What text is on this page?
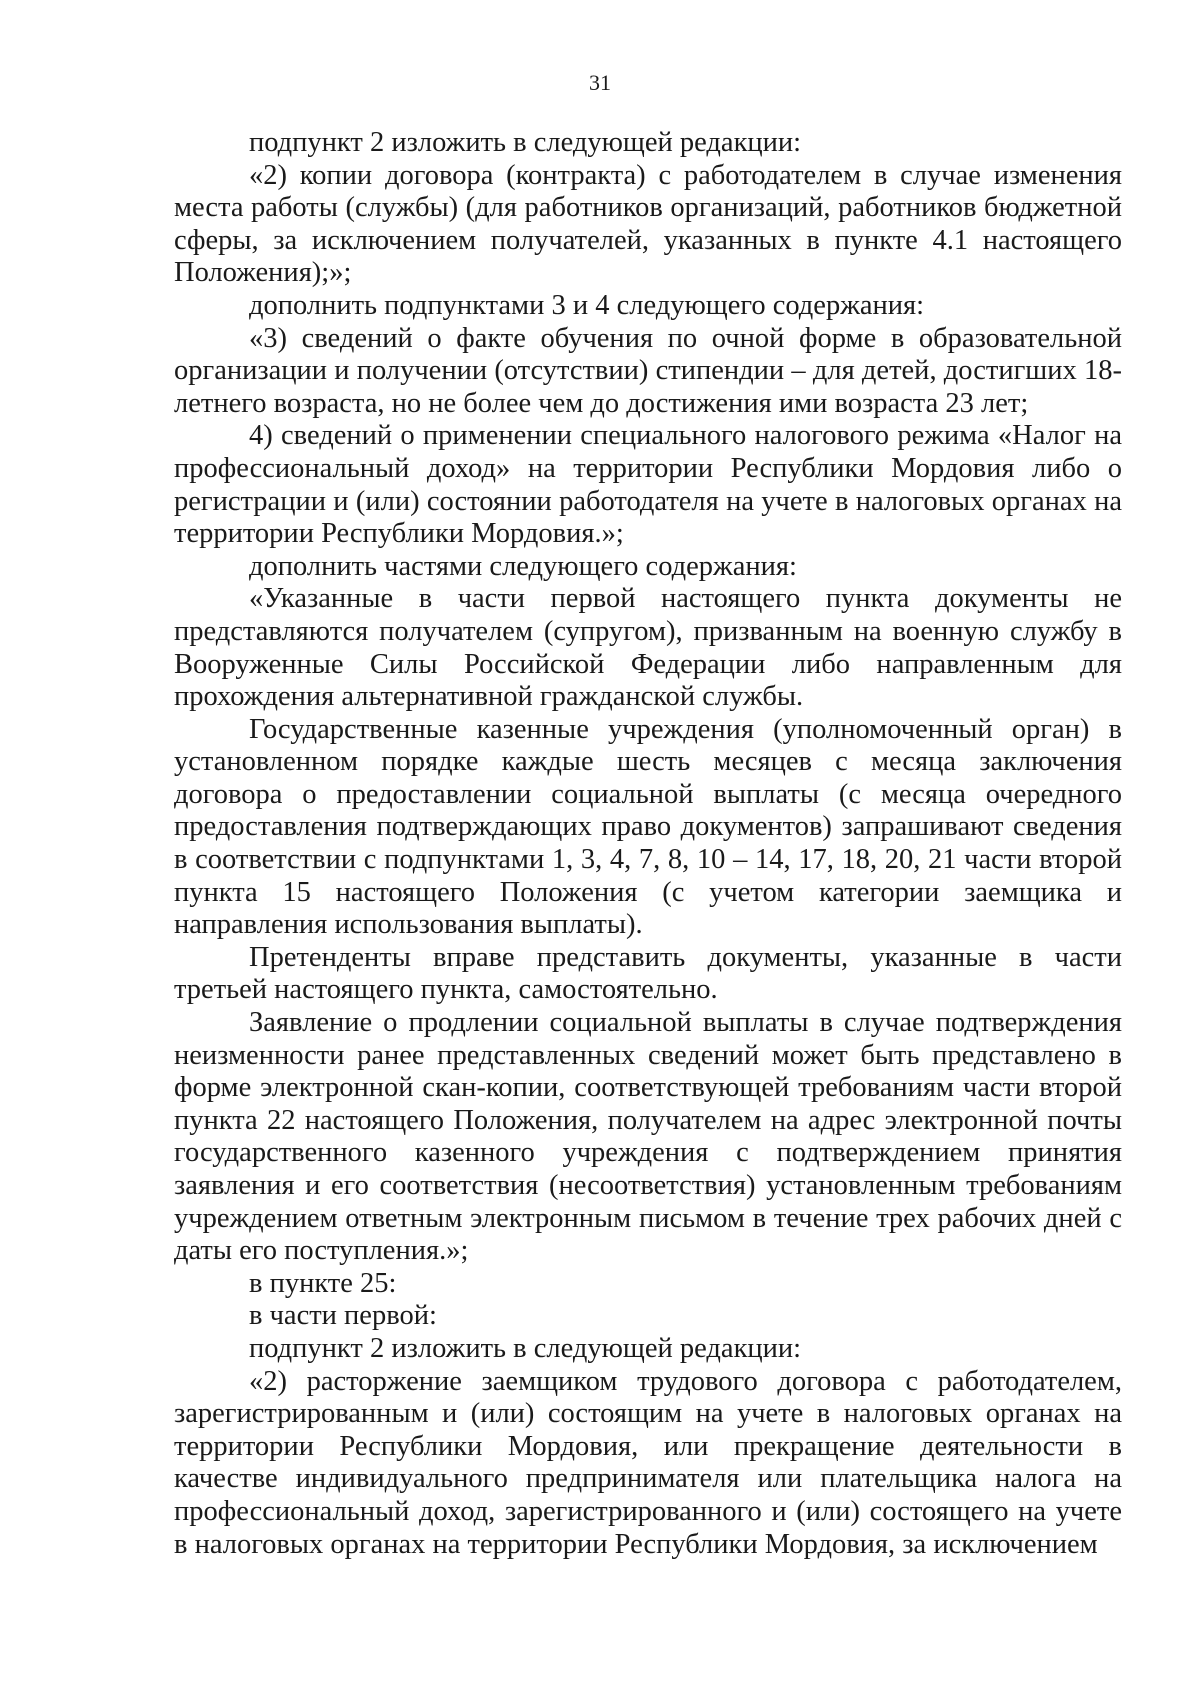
31

подпункт 2 изложить в следующей редакции:

«2) копии договора (контракта) с работодателем в случае изменения места работы (службы) (для работников организаций, работников бюджетной сферы, за исключением получателей, указанных в пункте 4.1 настоящего Положения);»;

дополнить подпунктами 3 и 4 следующего содержания:

«3) сведений о факте обучения по очной форме в образовательной организации и получении (отсутствии) стипендии – для детей, достигших 18-летнего возраста, но не более чем до достижения ими возраста 23 лет;

4) сведений о применении специального налогового режима «Налог на профессиональный доход» на территории Республики Мордовия либо о регистрации и (или) состоянии работодателя на учете в налоговых органах на территории Республики Мордовия.»;

дополнить частями следующего содержания:

«Указанные в части первой настоящего пункта документы не представляются получателем (супругом), призванным на военную службу в Вооруженные Силы Российской Федерации либо направленным для прохождения альтернативной гражданской службы.

Государственные казенные учреждения (уполномоченный орган) в установленном порядке каждые шесть месяцев с месяца заключения договора о предоставлении социальной выплаты (с месяца очередного предоставления подтверждающих право документов) запрашивают сведения в соответствии с подпунктами 1, 3, 4, 7, 8, 10 – 14, 17, 18, 20, 21 части второй пункта 15 настоящего Положения (с учетом категории заемщика и направления использования выплаты).

Претенденты вправе представить документы, указанные в части третьей настоящего пункта, самостоятельно.

Заявление о продлении социальной выплаты в случае подтверждения неизменности ранее представленных сведений может быть представлено в форме электронной скан-копии, соответствующей требованиям части второй пункта 22 настоящего Положения, получателем на адрес электронной почты государственного казенного учреждения с подтверждением принятия заявления и его соответствия (несоответствия) установленным требованиям учреждением ответным электронным письмом в течение трех рабочих дней с даты его поступления.»;

в пункте 25:

в части первой:

подпункт 2 изложить в следующей редакции:

«2) расторжение заемщиком трудового договора с работодателем, зарегистрированным и (или) состоящим на учете в налоговых органах на территории Республики Мордовия, или прекращение деятельности в качестве индивидуального предпринимателя или плательщика налога на профессиональный доход, зарегистрированного и (или) состоящего на учете в налоговых органах на территории Республики Мордовия, за исключением
